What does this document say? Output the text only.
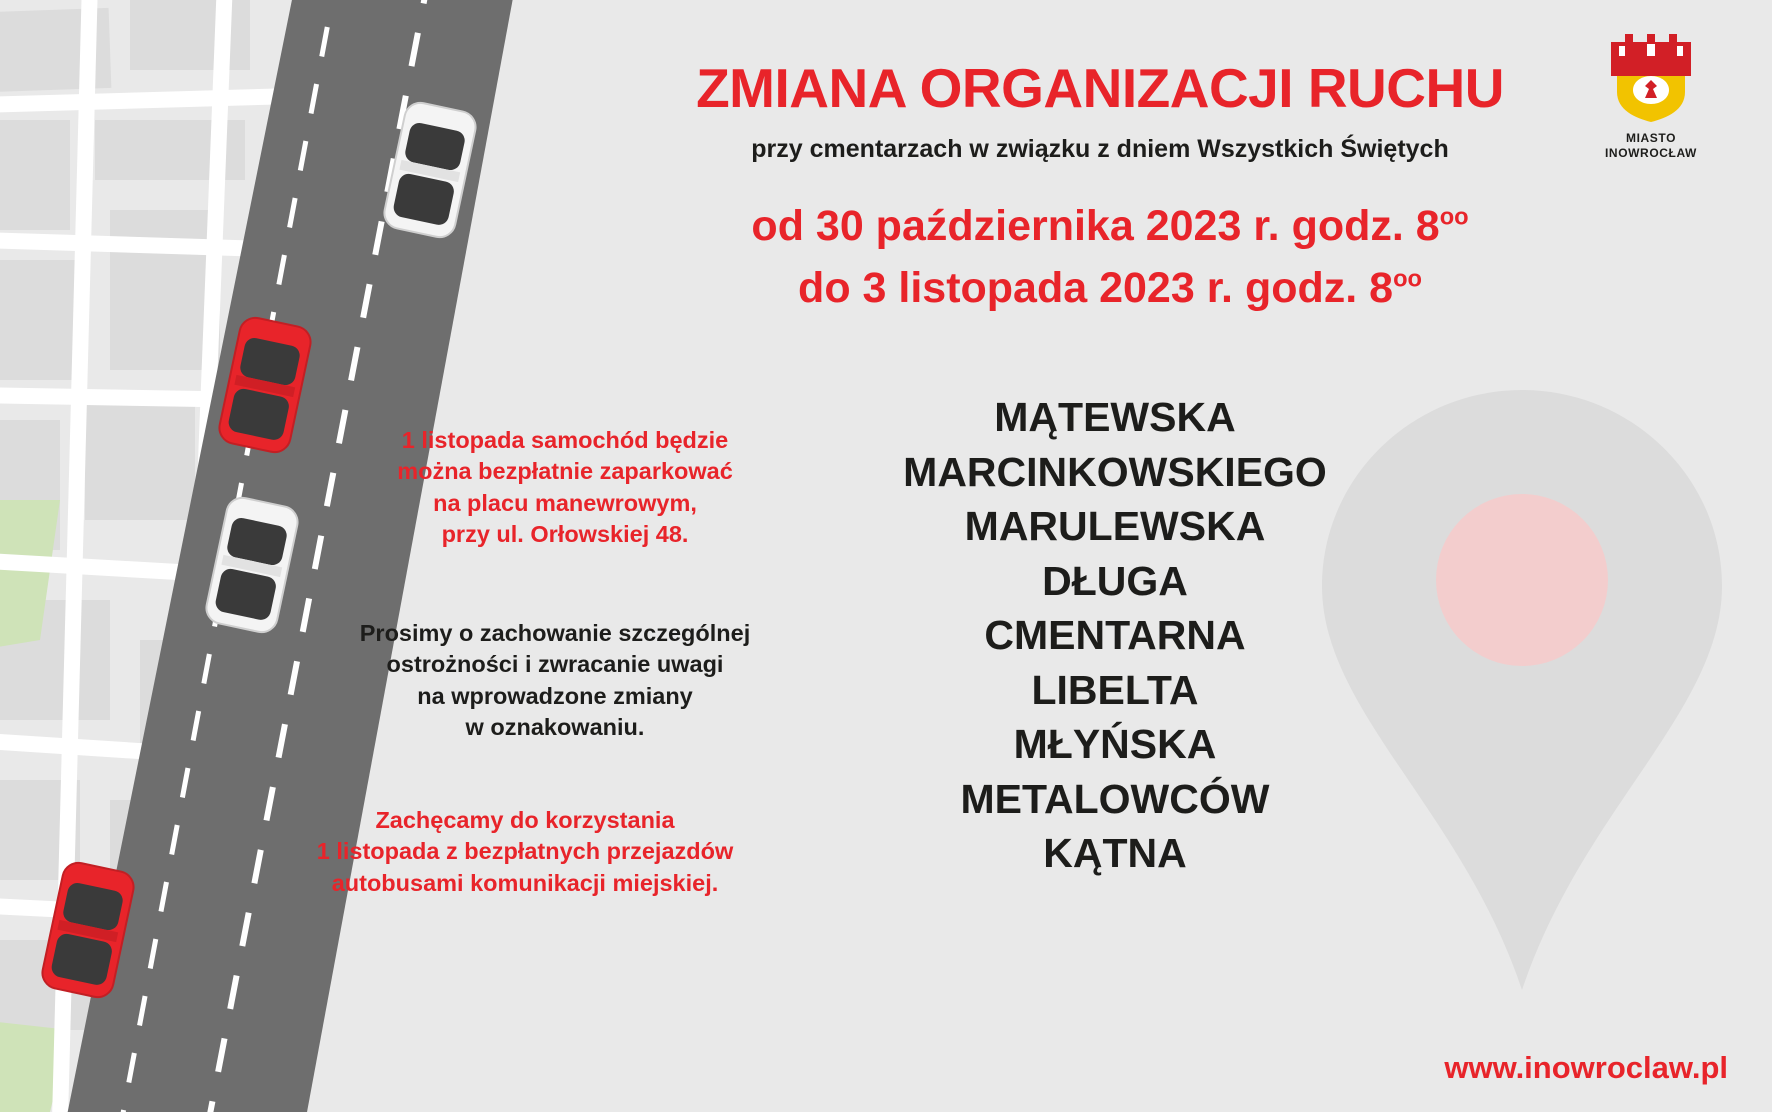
ZMIANA ORGANIZACJI RUCHU
przy cmentarzach w związku z dniem Wszystkich Świętych
od 30 października 2023 r. godz. $8^{oo}$
do 3 listopada 2023 r. godz. $8^{oo}$
MIASTO
INOWROCŁAW
1 listopada samochód będzie
można bezpłatnie zaparkować
na placu manewrowym,
przy ul. Orłowskiej 48.
Prosimy o zachowanie szczególnej
ostrożności i zwracanie uwagi
na wprowadzone zmiany
w oznakowaniu.
Zachęcamy do korzystania
1 listopada z bezpłatnych przejazdów
autobusami komunikacji miejskiej.
MĄTEWSKA
MARCINKOWSKIEGO
MARULEWSKA
DŁUGA
CMENTARNA
LIBELTA
MŁYŃSKA
METALOWCÓW
KĄTNA
www.inowroclaw.pl
